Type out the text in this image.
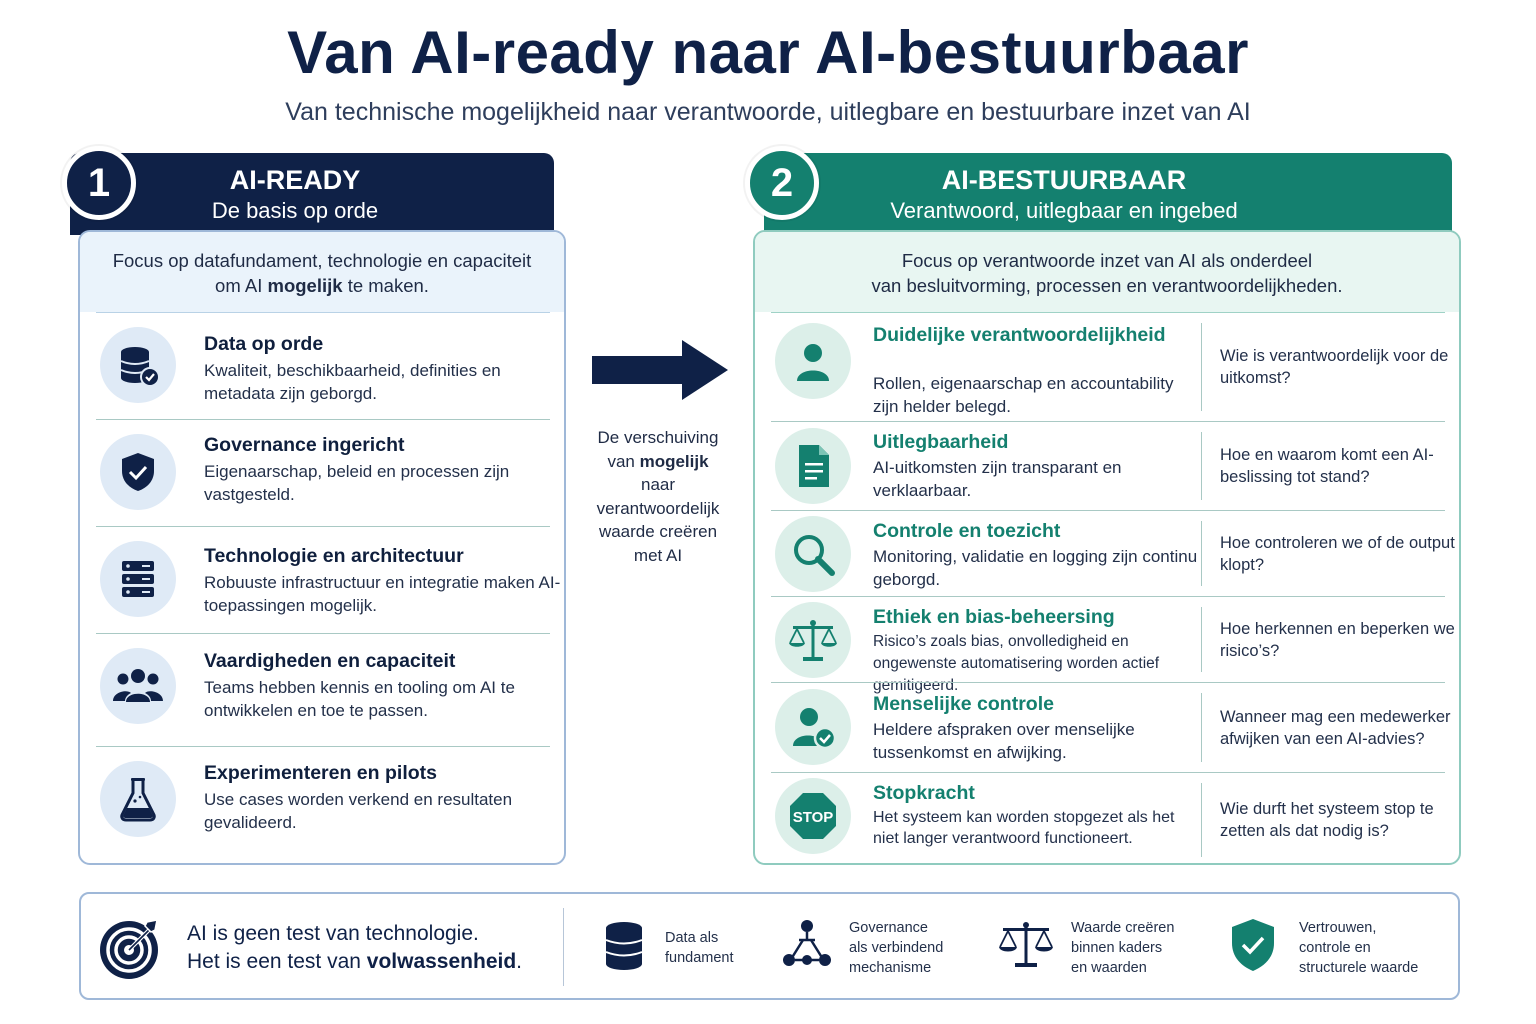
Van AI-ready naar AI-bestuurbaar
Van technische mogelijkheid naar verantwoorde, uitlegbare en bestuurbare inzet van AI
AI-READY
De basis op orde
1	AI-BESTUURBAAR
Verantwoord, uitlegbaar en ingebed
2
Focus op datafundament, technologie en capaciteit
om AI mogelijk te maken.
Data op orde
Kwaliteit, beschikbaarheid, definities en metadata zijn geborgd.
Governance ingericht
Eigenaarschap, beleid en processen zijn vastgesteld.
Technologie en architectuur
Robuuste infrastructuur en integratie maken AI-toepassingen mogelijk.
Vaardigheden en capaciteit
Teams hebben kennis en tooling om AI te ontwikkelen en toe te passen.
Experimenteren en pilots
Use cases worden verkend en resultaten gevalideerd.
De verschuiving
van mogelijk
naar
verantwoordelijk
waarde creëren
met AI
Focus op verantwoorde inzet van AI als onderdeel
van besluitvorming, processen en verantwoordelijkheden.
Duidelijke verantwoordelijkheid
Rollen, eigenaarschap en accountability zijn helder belegd.
Wie is verantwoordelijk voor de uitkomst?
Uitlegbaarheid
AI-uitkomsten zijn transparant en verklaarbaar.
Hoe en waarom komt een AI-beslissing tot stand?
Controle en toezicht
Monitoring, validatie en logging zijn continu geborgd.
Hoe controleren we of de output klopt?
Ethiek en bias-beheersing
Risico’s zoals bias, onvolledigheid en ongewenste automatisering worden actief gemitigeerd.
Hoe herkennen en beperken we risico’s?
Menselijke controle
Heldere afspraken over menselijke tussenkomst en afwijking.
Wanneer mag een medewerker afwijken van een AI-advies?
STOP
Stopkracht
Het systeem kan worden stopgezet als het niet langer verantwoord functioneert.
Wie durft het systeem stop te zetten als dat nodig is?
AI is geen test van technologie.
Het is een test van volwassenheid.
Data als
fundament
Governance
als verbindend
mechanisme
Waarde creëren
binnen kaders
en waarden
Vertrouwen,
controle en
structurele waarde
